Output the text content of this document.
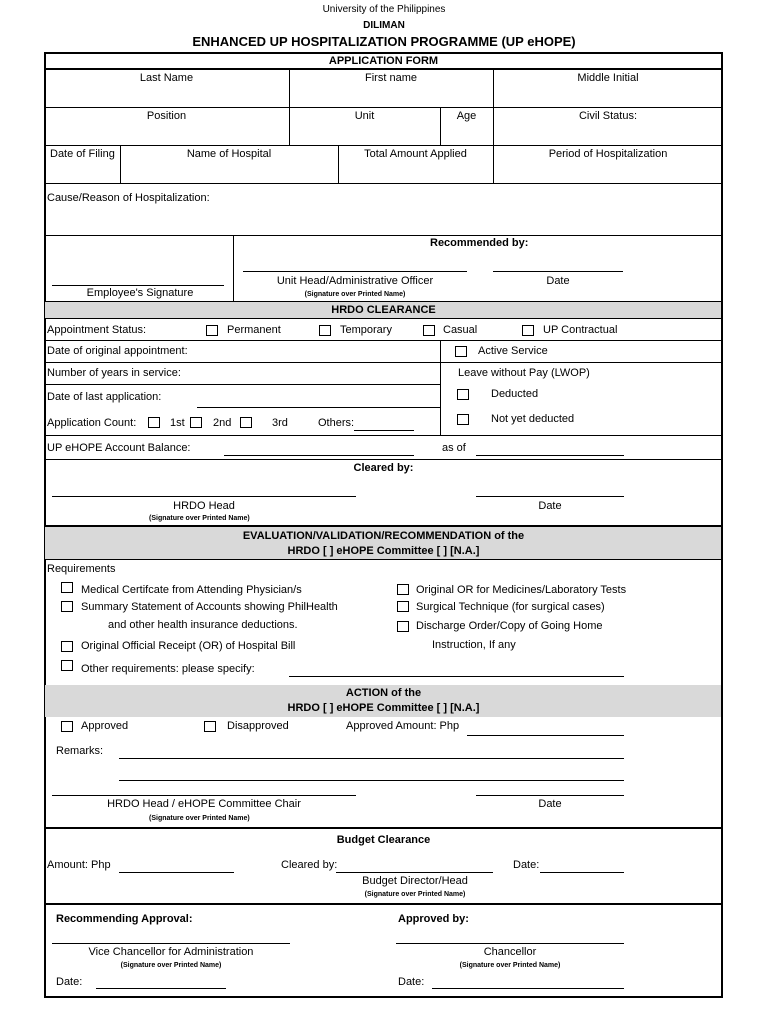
University of the Philippines
DILIMAN
ENHANCED UP HOSPITALIZATION PROGRAMME (UP eHOPE)
APPLICATION FORM
Last Name	First name	Middle Initial
Position	Unit	Age	Civil Status:
Date of Filing	Name of Hospital	Total Amount Applied	Period of Hospitalization
Cause/Reason of Hospitalization:
Recommended by:
Employee's Signature
Unit Head/Administrative Officer
(Signature over Printed Name)
Date
HRDO CLEARANCE
Appointment Status:	Permanent	Temporary	Casual	UP Contractual
Date of original appointment:	Active Service
Number of years in service:	Leave without Pay (LWOP)
Date of last application:	Deducted
Application Count:	1st	2nd	3rd	Others:	Not yet deducted
UP eHOPE Account Balance:	as of
Cleared by:
HRDO Head
(Signature over Printed Name)
Date
EVALUATION/VALIDATION/RECOMMENDATION of the
HRDO [ ] eHOPE Committee [ ] [N.A.]
Requirements
Medical Certifcate from Attending Physician/s
Summary Statement of Accounts showing PhilHealth
and other health insurance deductions.
Original Official Receipt (OR) of Hospital Bill
Other requirements: please specify:
Original OR for Medicines/Laboratory Tests
Surgical Technique (for surgical cases)
Discharge Order/Copy of Going Home
Instruction, If any
ACTION of the
HRDO [ ] eHOPE Committee [ ] [N.A.]
Approved	Disapproved	Approved Amount: Php
Remarks:
HRDO Head / eHOPE Committee Chair
(Signature over Printed Name)
Date
Budget Clearance
Amount: Php	Cleared by:	Date:
Budget Director/Head
(Signature over Printed Name)
Recommending Approval:	Approved by:
Vice Chancellor for Administration
(Signature over Printed Name)
Chancellor
(Signature over Printed Name)
Date:	Date:
